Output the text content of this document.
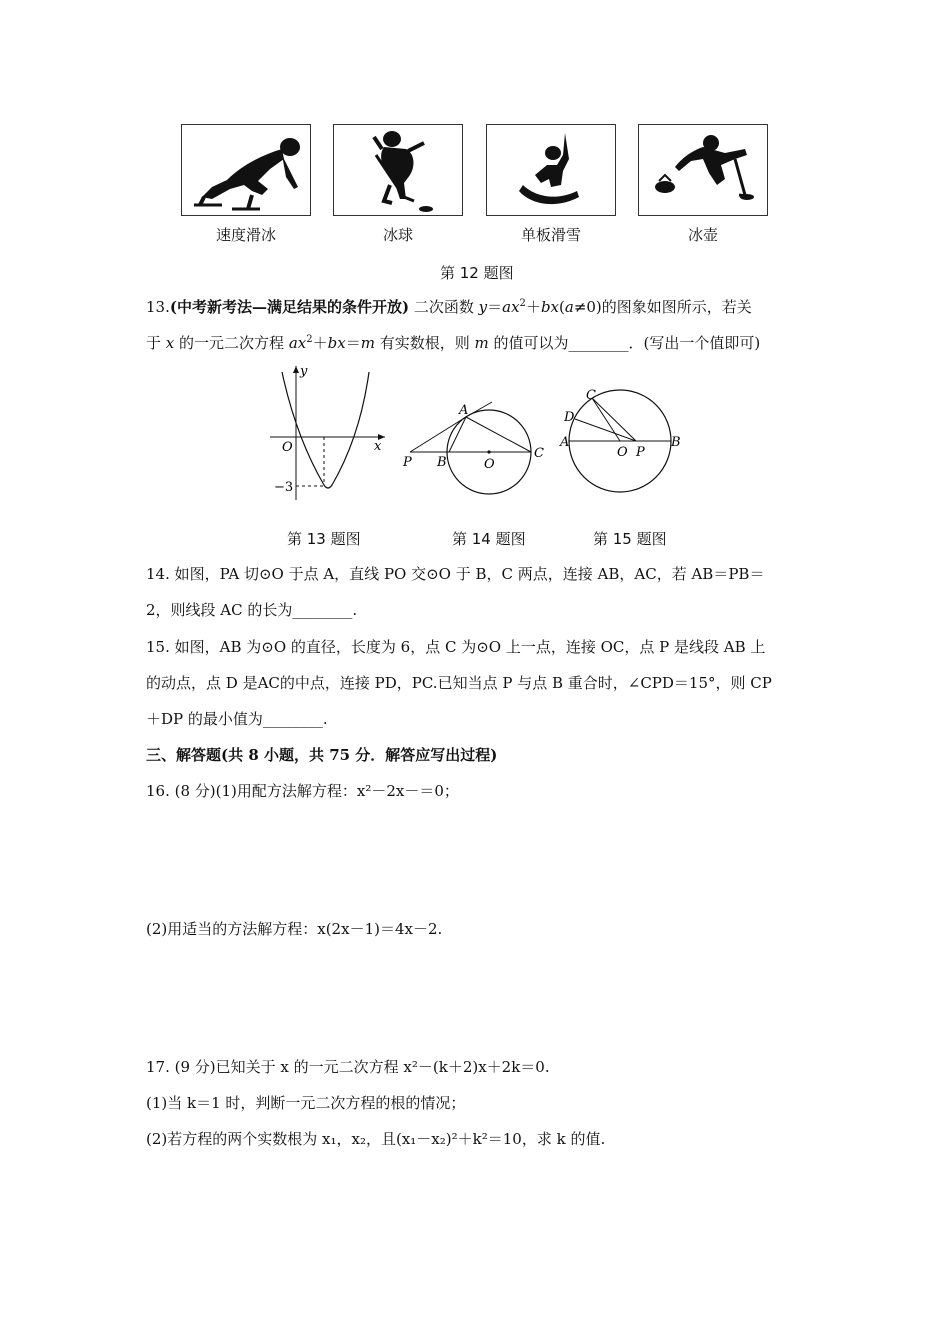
速度滑冰	冰球	单板滑雪	冰壶
第 12 题图
13.(中考新考法—满足结果的条件开放) 二次函数 $y=ax^2+bx(a\ne 0)$的图象如图所示，若关
于 x 的一元二次方程 $ax^2+bx=m$ 有实数根，则 m 的值可以为________．(写出一个值即可)
y
x
O
−3
A
P B	O
C
C
D
A
O P
B
第 13 题图	第 14 题图	第 15 题图
14. 如图，PA 切⊙O 于点 A，直线 PO 交⊙O 于 B，C 两点，连接 AB，AC，若 AB＝PB＝
2，则线段 AC 的长为________.
15. 如图，AB 为⊙O 的直径，长度为 6，点 C 为⊙O 上一点，连接 OC，点 P 是线段 AB 上
的动点，点 D 是AC的中点，连接 PD，PC.已知当点 P 与点 B 重合时，∠CPD＝15°，则 CP
＋DP 的最小值为________.
三、解答题(共 8 小题，共 75 分．解答应写出过程)
16. (8 分)(1)用配方法解方程：x²－2x－＝0；
(2)用适当的方法解方程：x(2x－1)＝4x－2.
17. (9 分)已知关于 x 的一元二次方程 x²－(k＋2)x＋2k＝0.
(1)当 k＝1 时，判断一元二次方程的根的情况；
(2)若方程的两个实数根为 x₁，x₂，且(x₁－x₂)²＋k²＝10，求 k 的值.
